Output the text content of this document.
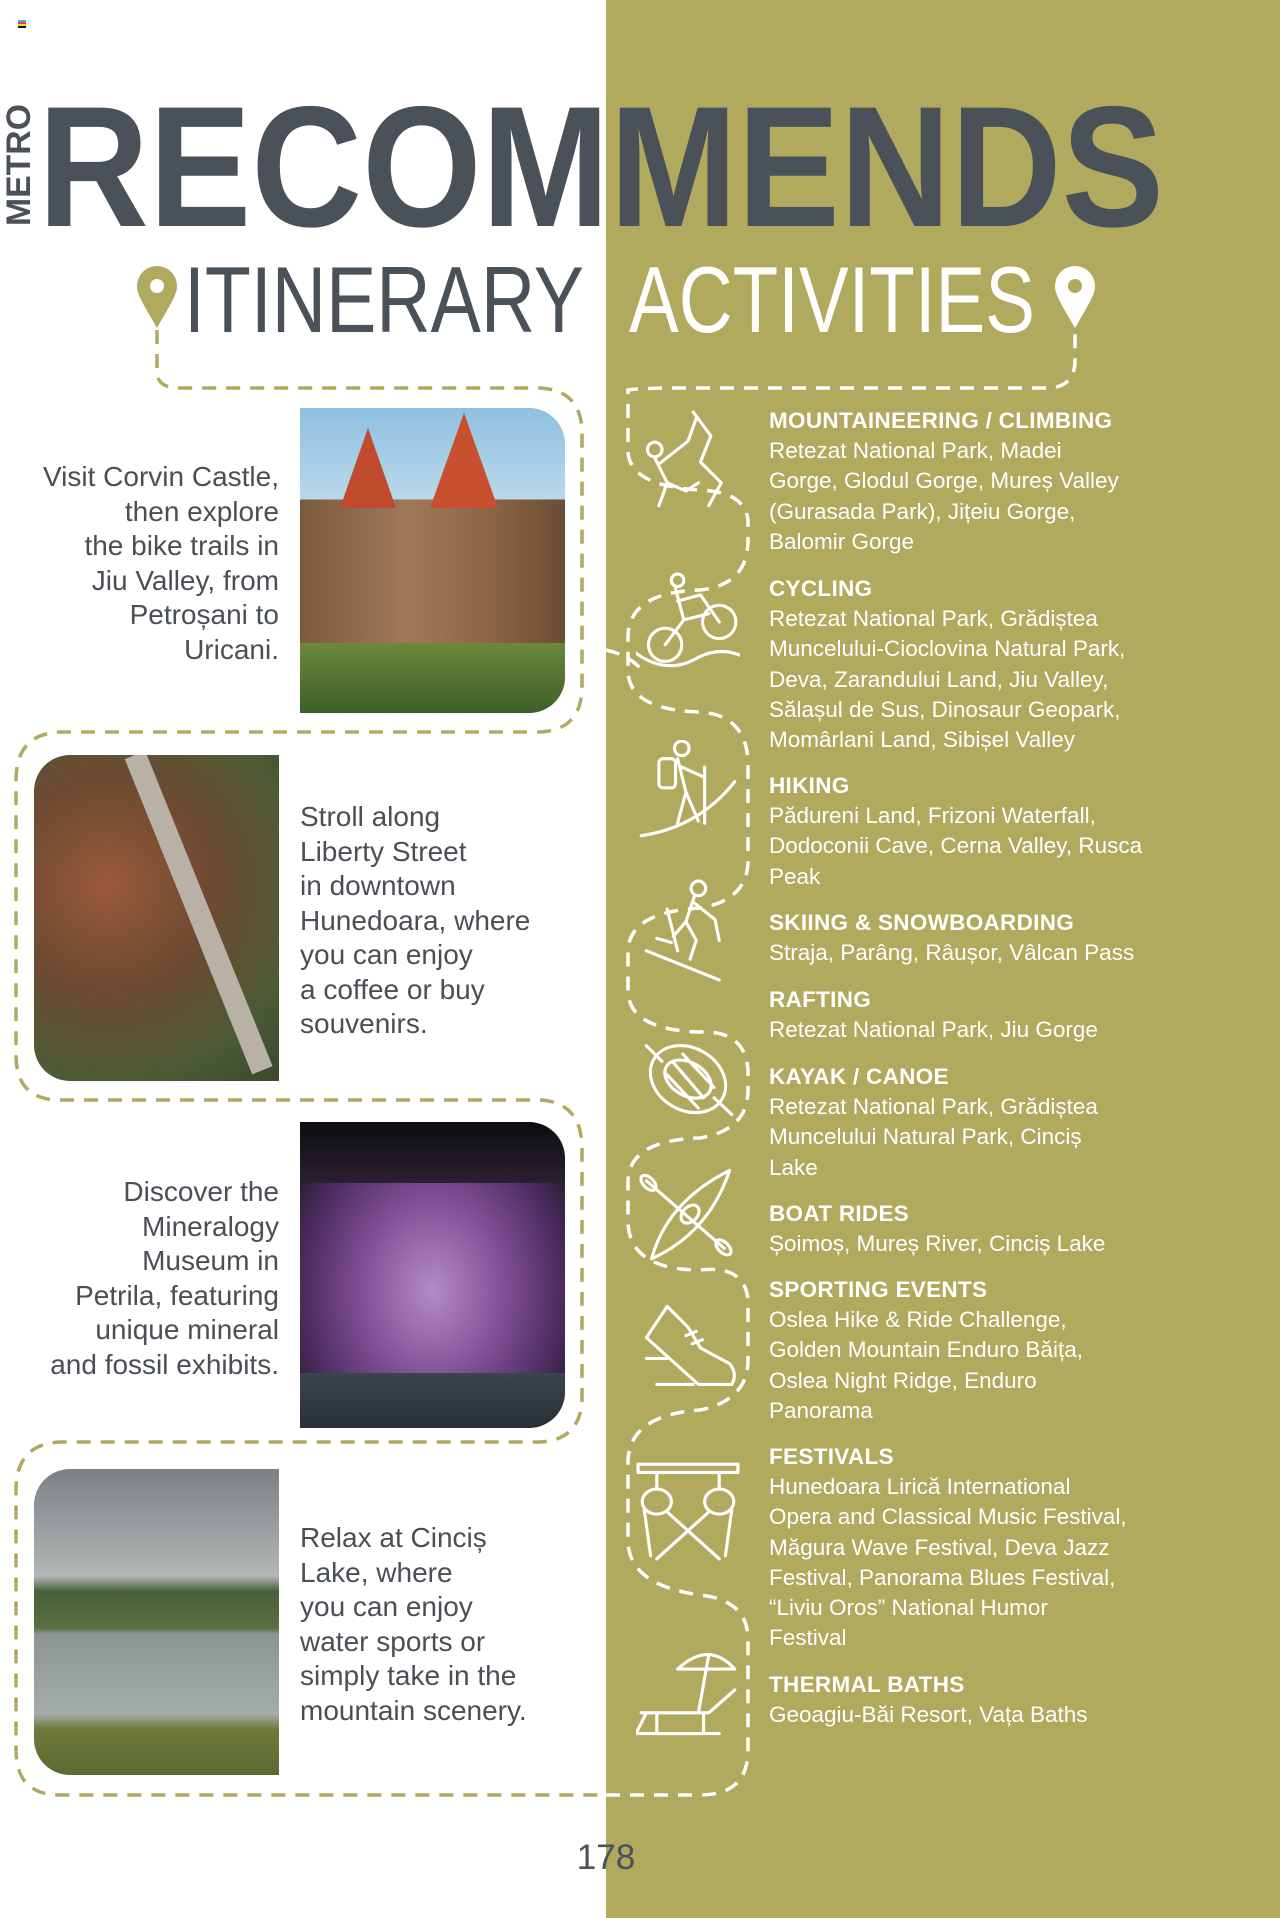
RECOMMENDS
METRO
ITINERARY ACTIVITIES
Visit Corvin Castle,
then explore
the bike trails in
Jiu Valley, from
Petroșani to
Uricani.
Stroll along
Liberty Street
in downtown
Hunedoara, where
you can enjoy
a coffee or buy
souvenirs.
Discover the
Mineralogy
Museum in
Petrila, featuring
unique mineral
and fossil exhibits.
Relax at Cinciș
Lake, where
you can enjoy
water sports or
simply take in the
mountain scenery.
MOUNTAINEERING / CLIMBING
Retezat National Park, Madei
Gorge, Glodul Gorge, Mureș Valley
(Gurasada Park), Jițeiu Gorge,
Balomir Gorge
CYCLING
Retezat National Park, Grădiștea
Muncelului-Cioclovina Natural Park,
Deva, Zarandului Land, Jiu Valley,
Sălașul de Sus, Dinosaur Geopark,
Momârlani Land, Sibișel Valley
HIKING
Pădureni Land, Frizoni Waterfall,
Dodoconii Cave, Cerna Valley, Rusca
Peak
SKIING & SNOWBOARDING
Straja, Parâng, Râușor, Vâlcan Pass
RAFTING
Retezat National Park, Jiu Gorge
KAYAK / CANOE
Retezat National Park, Grădiștea
Muncelului Natural Park, Cinciș
Lake
BOAT RIDES
Șoimoș, Mureș River, Cinciș Lake
SPORTING EVENTS
Oslea Hike & Ride Challenge,
Golden Mountain Enduro Băița,
Oslea Night Ridge, Enduro
Panorama
FESTIVALS
Hunedoara Lirică International
Opera and Classical Music Festival,
Măgura Wave Festival, Deva Jazz
Festival, Panorama Blues Festival,
“Liviu Oros” National Humor
Festival
THERMAL BATHS
Geoagiu-Băi Resort, Vața Baths
178
